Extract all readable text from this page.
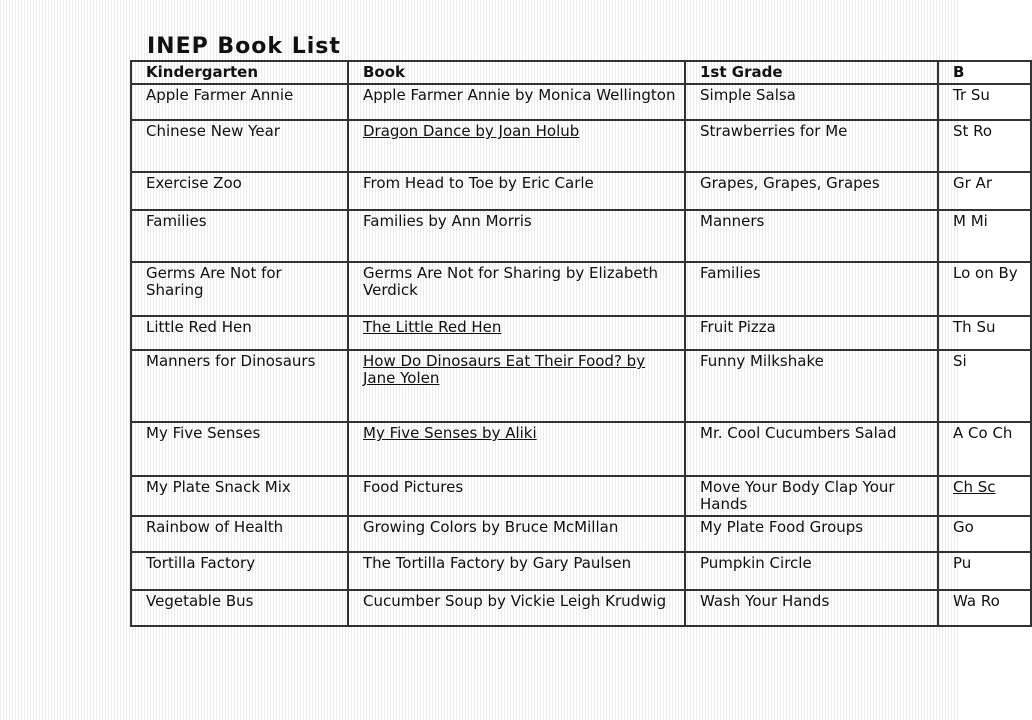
INEP Book List
Kindergarten	Book	1st Grade	B
Apple Farmer Annie	Apple Farmer Annie by Monica Wellington	Simple Salsa	Tr Su
Chinese New Year	Dragon Dance by Joan Holub	Strawberries for Me	St Ro
Exercise Zoo	From Head to Toe by Eric Carle	Grapes, Grapes, Grapes	Gr Ar
Families	Families by Ann Morris	Manners	M Mi
Germs Are Not for Sharing	Germs Are Not for Sharing by Elizabeth Verdick	Families	Lo on By
Little Red Hen	The Little Red Hen	Fruit Pizza	Th Su
Manners for Dinosaurs	How Do Dinosaurs Eat Their Food? by Jane Yolen	Funny Milkshake	Si
My Five Senses	My Five Senses by Aliki	Mr. Cool Cucumbers Salad	A Co Ch
My Plate Snack Mix	Food Pictures	Move Your Body Clap Your Hands	Ch Sc
Rainbow of Health	Growing Colors by Bruce McMillan	My Plate Food Groups	Go
Tortilla Factory	The Tortilla Factory by Gary Paulsen	Pumpkin Circle	Pu
Vegetable Bus	Cucumber Soup by Vickie Leigh Krudwig	Wash Your Hands	Wa Ro
